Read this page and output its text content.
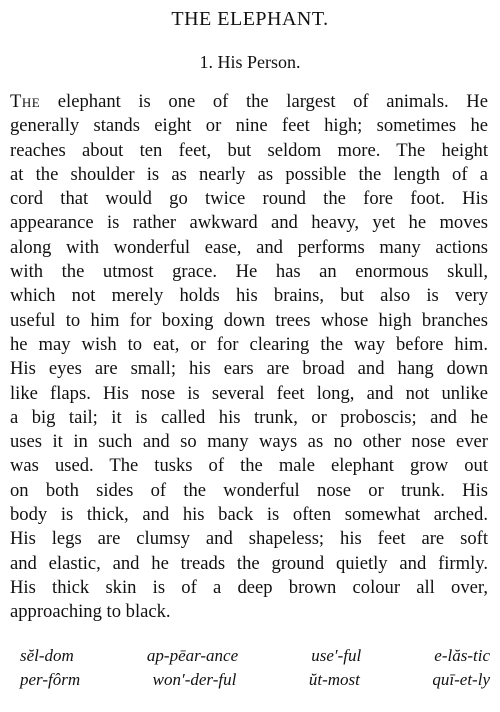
THE ELEPHANT.
1. His Person.
The elephant is one of the largest of animals. He
generally stands eight or nine feet high; sometimes he
reaches about ten feet, but seldom more. The height
at the shoulder is as nearly as possible the length of a
cord that would go twice round the fore foot. His
appearance is rather awkward and heavy, yet he moves
along with wonderful ease, and performs many actions
with the utmost grace. He has an enormous skull,
which not merely holds his brains, but also is very
useful to him for boxing down trees whose high branches
he may wish to eat, or for clearing the way before him.
His eyes are small; his ears are broad and hang down
like flaps. His nose is several feet long, and not unlike
a big tail; it is called his trunk, or proboscis; and he
uses it in such and so many ways as no other nose ever
was used. The tusks of the male elephant grow out
on both sides of the wonderful nose or trunk. His
body is thick, and his back is often somewhat arched.
His legs are clumsy and shapeless; his feet are soft
and elastic, and he treads the ground quietly and firmly.
His thick skin is of a deep brown colour all over,
approaching to black.
sĕl-dom	ap-pēar-ance	use′-ful	e-lăs-tic
per-fôrm	won′-der-ful	ŭt-most	quī-et-ly
